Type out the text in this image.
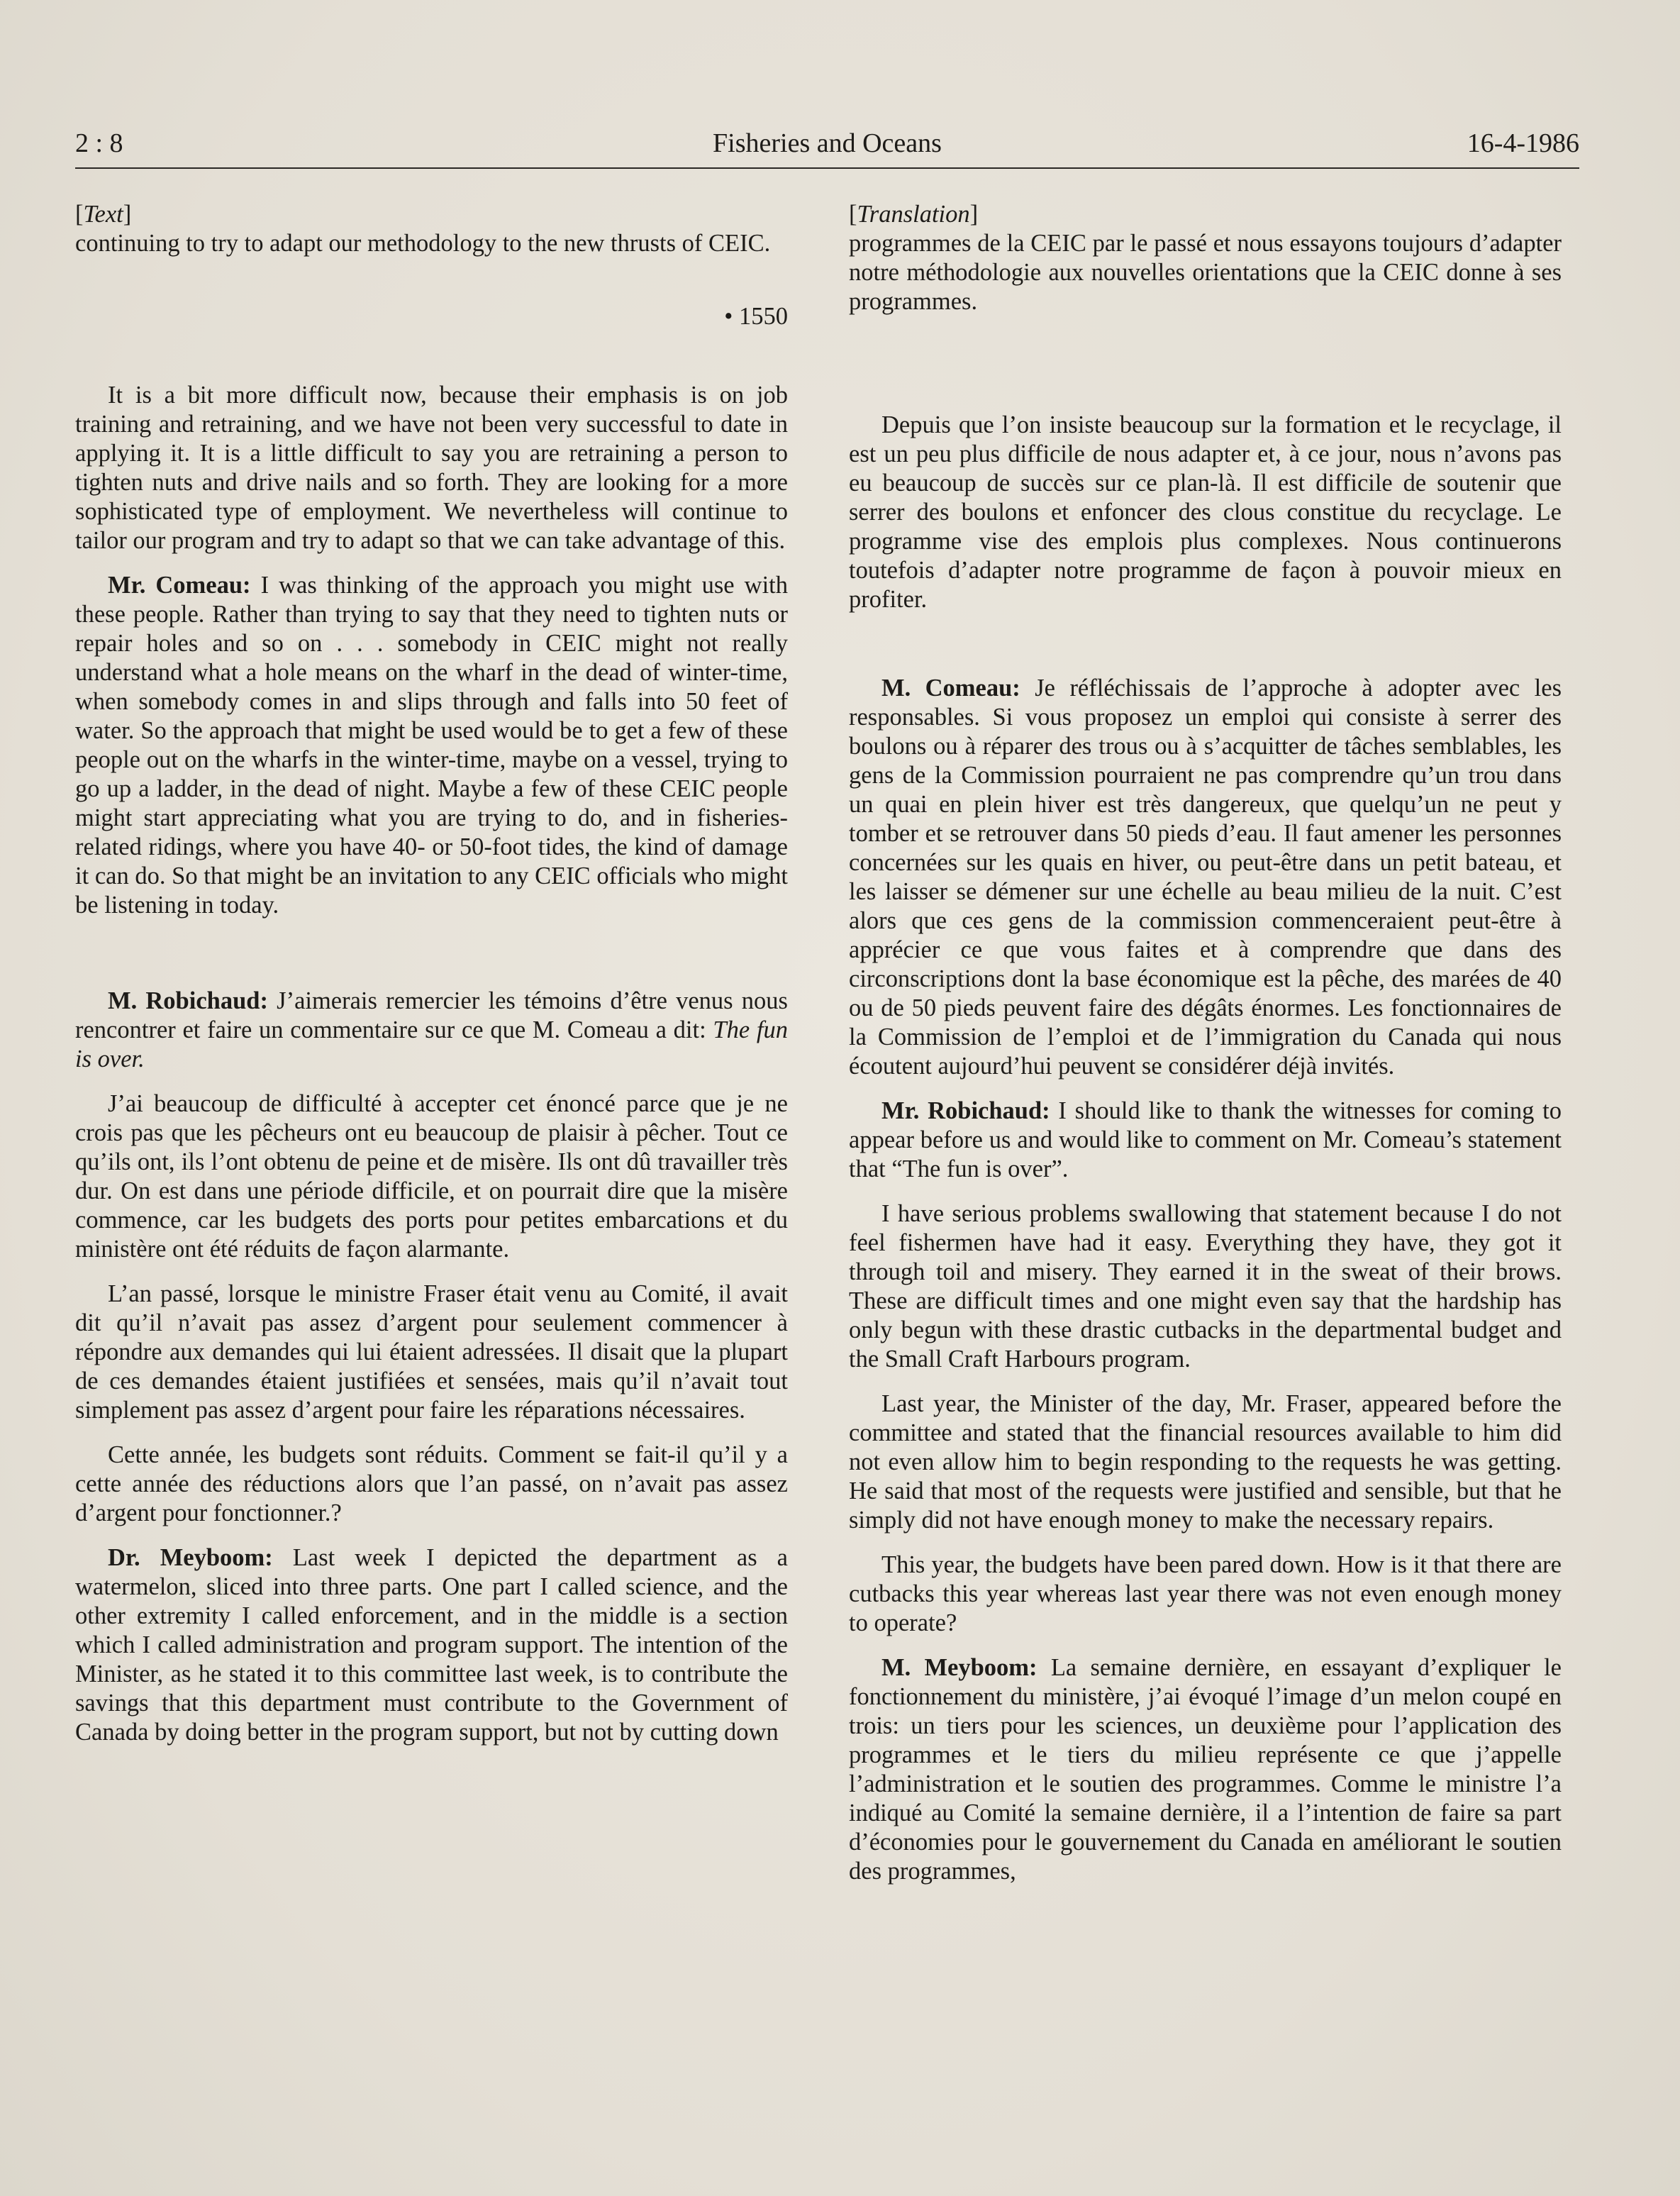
2 : 8	Fisheries and Oceans	16-4-1986

[Text]

continuing to try to adapt our methodology to the new thrusts of CEIC.

• 1550

It is a bit more difficult now, because their emphasis is on job training and retraining, and we have not been very successful to date in applying it. It is a little difficult to say you are retraining a person to tighten nuts and drive nails and so forth. They are looking for a more sophisticated type of employment. We nevertheless will continue to tailor our program and try to adapt so that we can take advantage of this.

Mr. Comeau: I was thinking of the approach you might use with these people. Rather than trying to say that they need to tighten nuts or repair holes and so on . . . somebody in CEIC might not really understand what a hole means on the wharf in the dead of winter-time, when somebody comes in and slips through and falls into 50 feet of water. So the approach that might be used would be to get a few of these people out on the wharfs in the winter-time, maybe on a vessel, trying to go up a ladder, in the dead of night. Maybe a few of these CEIC people might start appreciating what you are trying to do, and in fisheries-related ridings, where you have 40- or 50-foot tides, the kind of damage it can do. So that might be an invitation to any CEIC officials who might be listening in today.

M. Robichaud: J’aimerais remercier les témoins d’être venus nous rencontrer et faire un commentaire sur ce que M. Comeau a dit: The fun is over.

J’ai beaucoup de difficulté à accepter cet énoncé parce que je ne crois pas que les pêcheurs ont eu beaucoup de plaisir à pêcher. Tout ce qu’ils ont, ils l’ont obtenu de peine et de misère. Ils ont dû travailler très dur. On est dans une période difficile, et on pourrait dire que la misère commence, car les budgets des ports pour petites embarcations et du ministère ont été réduits de façon alarmante.

L’an passé, lorsque le ministre Fraser était venu au Comité, il avait dit qu’il n’avait pas assez d’argent pour seulement commencer à répondre aux demandes qui lui étaient adressées. Il disait que la plupart de ces demandes étaient justifiées et sensées, mais qu’il n’avait tout simplement pas assez d’argent pour faire les réparations nécessaires.

Cette année, les budgets sont réduits. Comment se fait-il qu’il y a cette année des réductions alors que l’an passé, on n’avait pas assez d’argent pour fonctionner.?

Dr. Meyboom: Last week I depicted the department as a watermelon, sliced into three parts. One part I called science, and the other extremity I called enforcement, and in the middle is a section which I called administration and program support. The intention of the Minister, as he stated it to this committee last week, is to contribute the savings that this department must contribute to the Government of Canada by doing better in the program support, but not by cutting down

[Translation]

programmes de la CEIC par le passé et nous essayons toujours d’adapter notre méthodologie aux nouvelles orientations que la CEIC donne à ses programmes.

Depuis que l’on insiste beaucoup sur la formation et le recyclage, il est un peu plus difficile de nous adapter et, à ce jour, nous n’avons pas eu beaucoup de succès sur ce plan-là. Il est difficile de soutenir que serrer des boulons et enfoncer des clous constitue du recyclage. Le programme vise des emplois plus complexes. Nous continuerons toutefois d’adapter notre programme de façon à pouvoir mieux en profiter.

M. Comeau: Je réfléchissais de l’approche à adopter avec les responsables. Si vous proposez un emploi qui consiste à serrer des boulons ou à réparer des trous ou à s’acquitter de tâches semblables, les gens de la Commission pourraient ne pas comprendre qu’un trou dans un quai en plein hiver est très dangereux, que quelqu’un ne peut y tomber et se retrouver dans 50 pieds d’eau. Il faut amener les personnes concernées sur les quais en hiver, ou peut-être dans un petit bateau, et les laisser se démener sur une échelle au beau milieu de la nuit. C’est alors que ces gens de la commission commenceraient peut-être à apprécier ce que vous faites et à comprendre que dans des circonscriptions dont la base économique est la pêche, des marées de 40 ou de 50 pieds peuvent faire des dégâts énormes. Les fonctionnaires de la Commission de l’emploi et de l’immigration du Canada qui nous écoutent aujourd’hui peuvent se considérer déjà invités.

Mr. Robichaud: I should like to thank the witnesses for coming to appear before us and would like to comment on Mr. Comeau’s statement that “The fun is over”.

I have serious problems swallowing that statement because I do not feel fishermen have had it easy. Everything they have, they got it through toil and misery. They earned it in the sweat of their brows. These are difficult times and one might even say that the hardship has only begun with these drastic cutbacks in the departmental budget and the Small Craft Harbours program.

Last year, the Minister of the day, Mr. Fraser, appeared before the committee and stated that the financial resources available to him did not even allow him to begin responding to the requests he was getting. He said that most of the requests were justified and sensible, but that he simply did not have enough money to make the necessary repairs.

This year, the budgets have been pared down. How is it that there are cutbacks this year whereas last year there was not even enough money to operate?

M. Meyboom: La semaine dernière, en essayant d’expliquer le fonctionnement du ministère, j’ai évoqué l’image d’un melon coupé en trois: un tiers pour les sciences, un deuxième pour l’application des programmes et le tiers du milieu représente ce que j’appelle l’administration et le soutien des programmes. Comme le ministre l’a indiqué au Comité la semaine dernière, il a l’intention de faire sa part d’économies pour le gouvernement du Canada en améliorant le soutien des programmes,
